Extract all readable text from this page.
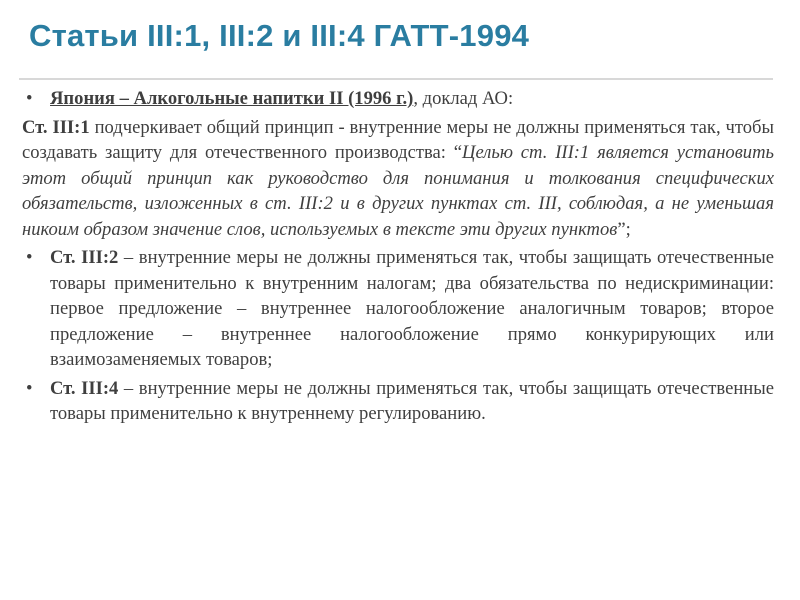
Статьи III:1, III:2 и III:4 ГАТТ-1994

• Япония – Алкогольные напитки II (1996 г.), доклад АО:

Ст. III:1 подчеркивает общий принцип - внутренние меры не должны применяться так, чтобы создавать защиту для отечественного производства: “Целью ст. III:1 является установить этот общий принцип как руководство для понимания и толкования специфических обязательств, изложенных в ст. III:2 и в других пунктах ст. III, соблюдая, а не уменьшая никоим образом значение слов, используемых в тексте эти других пунктов”;

• Ст. III:2 – внутренние меры не должны применяться так, чтобы защищать отечественные товары применительно к внутренним налогам; два обязательства по недискриминации: первое предложение – внутреннее налогообложение аналогичным товаров; второе предложение – внутреннее налогообложение прямо конкурирующих или взаимозаменяемых товаров;

• Ст. III:4 – внутренние меры не должны применяться так, чтобы защищать отечественные товары применительно к внутреннему регулированию.
